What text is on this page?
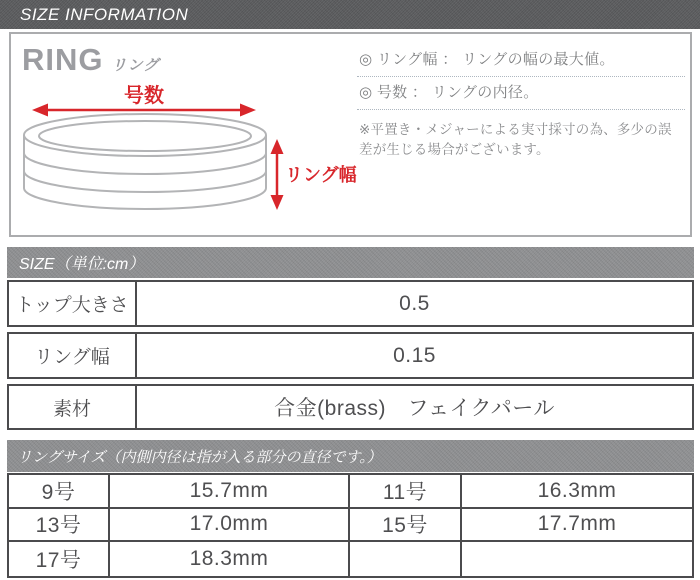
SIZE INFORMATION
号数
リング幅
RING リング	◎ リング幅 ： リングの幅の最大値。
◎ 号数 ： リングの内径。
※平置き・メジャーによる実寸採寸の為、多少の誤差が生じる場合がございます。
SIZE（単位:cm）
トップ大きさ	0.5
リング幅	0.15
素材	合金(brass)　フェイクパール
リングサイズ（内側内径は指が入る部分の直径です。）
9号	15.7mm	11号	16.3mm
13号	17.0mm	15号	17.7mm
17号	18.3mm
